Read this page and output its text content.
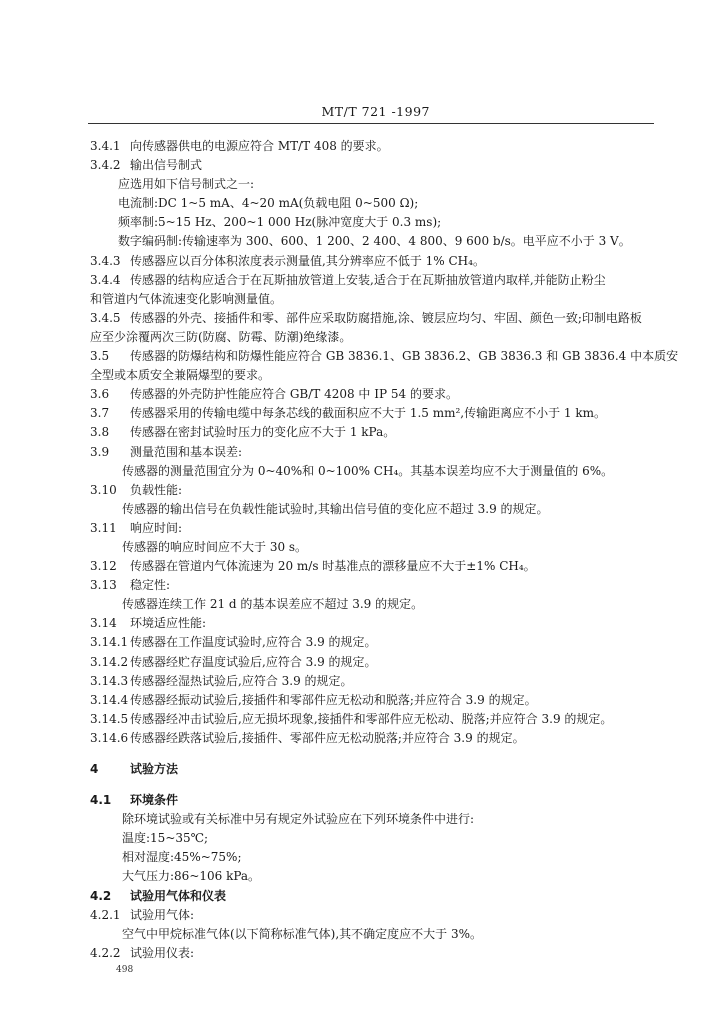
MT/T 721 -1997
3.4.1 向传感器供电的电源应符合 MT/T 408 的要求。
3.4.2 输出信号制式
应选用如下信号制式之一:
电流制:DC 1~5 mA、4~20 mA(负载电阻 0~500 Ω);
频率制:5~15 Hz、200~1 000 Hz(脉冲宽度大于 0.3 ms);
数字编码制:传输速率为 300、600、1 200、2 400、4 800、9 600 b/s。电平应不小于 3 V。
3.4.3 传感器应以百分体积浓度表示测量值,其分辨率应不低于 1% CH₄。
3.4.4 传感器的结构应适合于在瓦斯抽放管道上安装,适合于在瓦斯抽放管道内取样,并能防止粉尘
和管道内气体流速变化影响测量值。
3.4.5 传感器的外壳、接插件和零、部件应采取防腐措施,涂、镀层应均匀、牢固、颜色一致;印制电路板
应至少涂覆两次三防(防腐、防霉、防潮)绝缘漆。
3.5 传感器的防爆结构和防爆性能应符合 GB 3836.1、GB 3836.2、GB 3836.3 和 GB 3836.4 中本质安
全型或本质安全兼隔爆型的要求。
3.6 传感器的外壳防护性能应符合 GB/T 4208 中 IP 54 的要求。
3.7 传感器采用的传输电缆中每条芯线的截面积应不大于 1.5 mm²,传输距离应不小于 1 km。
3.8 传感器在密封试验时压力的变化应不大于 1 kPa。
3.9 测量范围和基本误差:
传感器的测量范围宜分为 0~40%和 0~100% CH₄。其基本误差均应不大于测量值的 6%。
3.10 负载性能:
传感器的输出信号在负载性能试验时,其输出信号值的变化应不超过 3.9 的规定。
3.11 响应时间:
传感器的响应时间应不大于 30 s。
3.12 传感器在管道内气体流速为 20 m/s 时基准点的漂移量应不大于±1% CH₄。
3.13 稳定性:
传感器连续工作 21 d 的基本误差应不超过 3.9 的规定。
3.14 环境适应性能:
3.14.1 传感器在工作温度试验时,应符合 3.9 的规定。
3.14.2 传感器经贮存温度试验后,应符合 3.9 的规定。
3.14.3 传感器经湿热试验后,应符合 3.9 的规定。
3.14.4 传感器经振动试验后,接插件和零部件应无松动和脱落;并应符合 3.9 的规定。
3.14.5 传感器经冲击试验后,应无损坏现象,接插件和零部件应无松动、脱落;并应符合 3.9 的规定。
3.14.6 传感器经跌落试验后,接插件、零部件应无松动脱落;并应符合 3.9 的规定。
4	试验方法
4.1 环境条件
除环境试验或有关标准中另有规定外试验应在下列环境条件中进行:
温度:15~35℃;
相对湿度:45%~75%;
大气压力:86~106 kPa。
4.2 试验用气体和仪表
4.2.1 试验用气体:
空气中甲烷标准气体(以下简称标准气体),其不确定度应不大于 3%。
4.2.2 试验用仪表:
498
